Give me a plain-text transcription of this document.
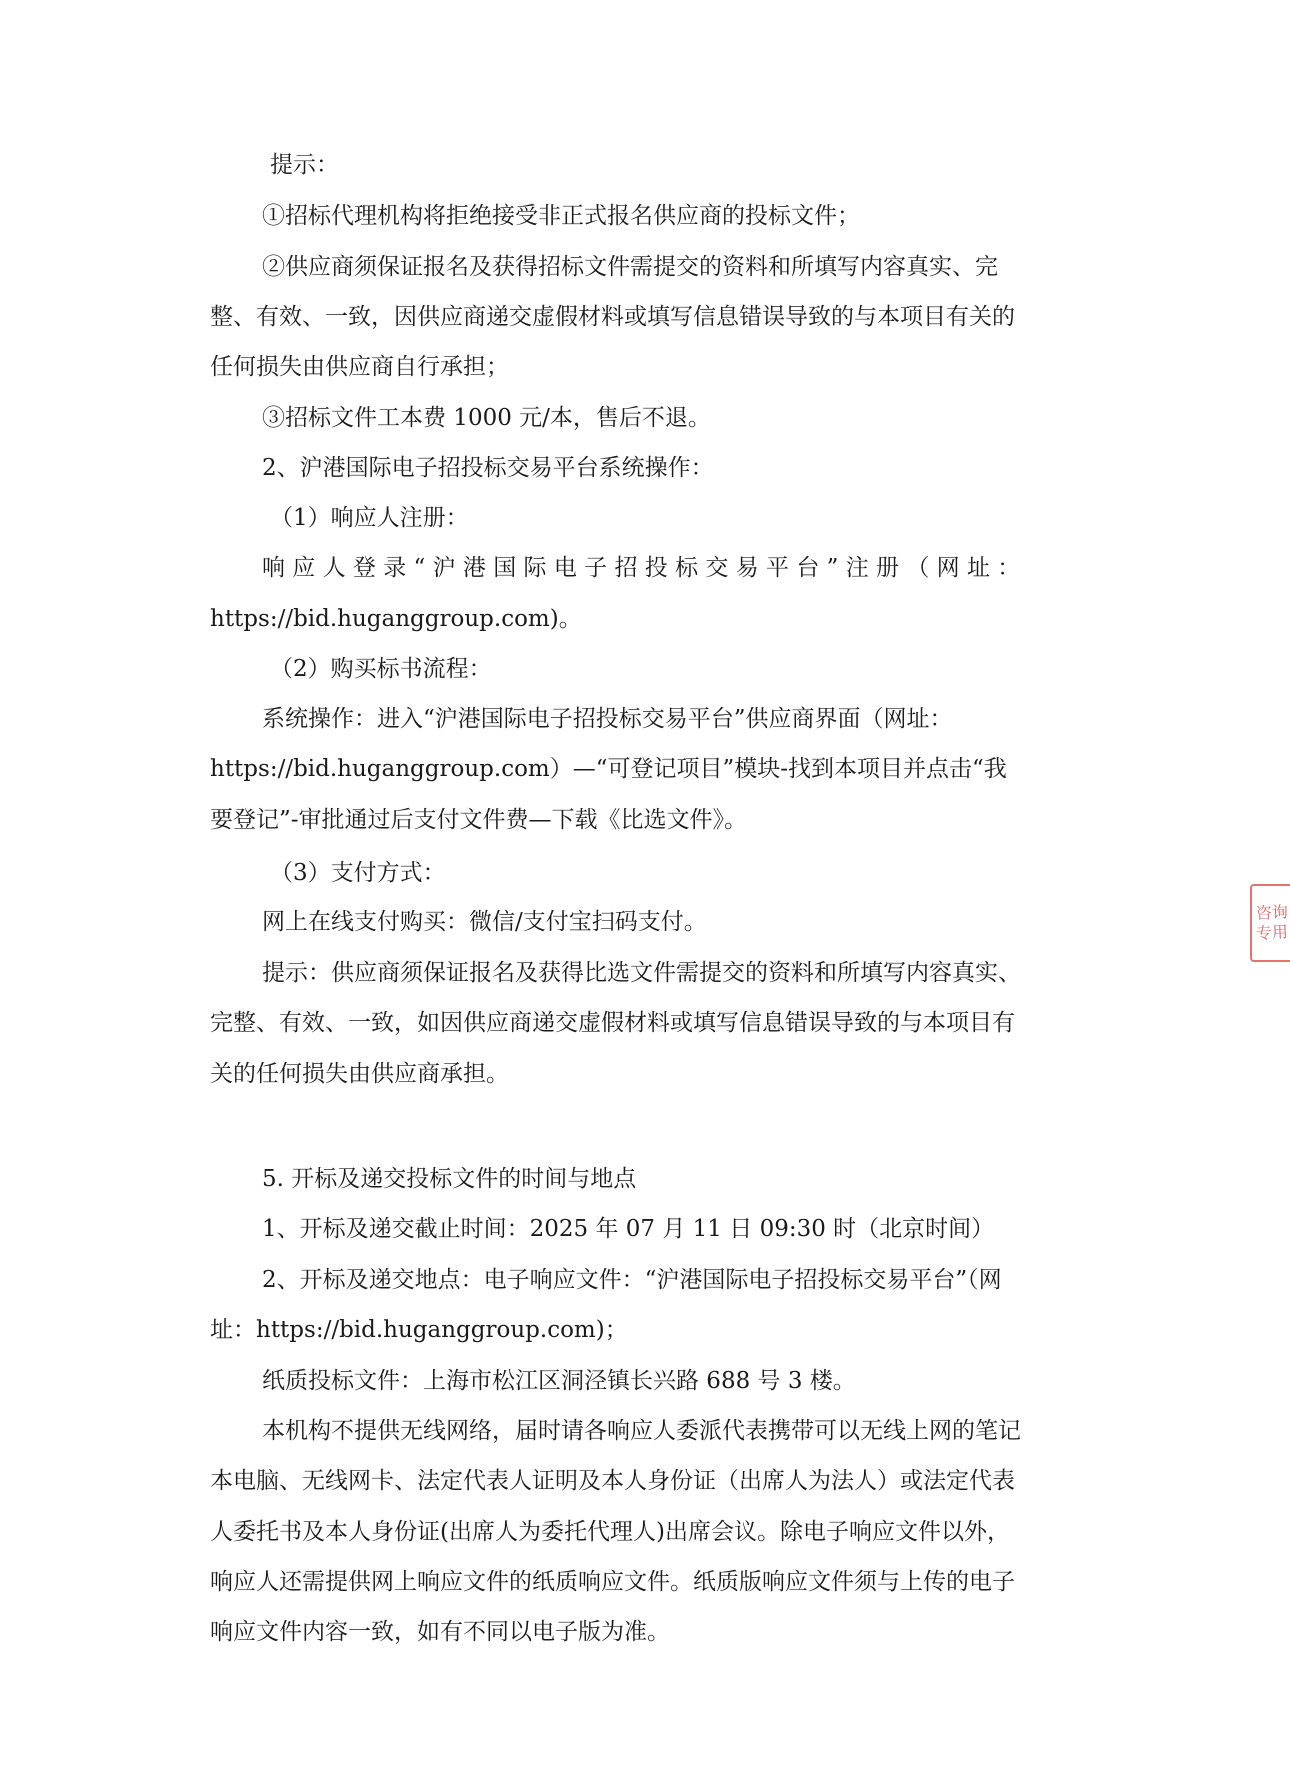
提示：
①招标代理机构将拒绝接受非正式报名供应商的投标文件；
②供应商须保证报名及获得招标文件需提交的资料和所填写内容真实、完
整、有效、一致，因供应商递交虚假材料或填写信息错误导致的与本项目有关的
任何损失由供应商自行承担；
③招标文件工本费 1000 元/本，售后不退。
2、沪港国际电子招投标交易平台系统操作：
（1）响应人注册：
响 应 人 登 录 “ 沪 港 国 际 电 子 招 投 标 交 易 平 台 ” 注 册 （ 网 址 ：
https://bid.huganggroup.com)。
（2）购买标书流程：
系统操作：进入“沪港国际电子招投标交易平台”供应商界面（网址：
https://bid.huganggroup.com）—“可登记项目”模块-找到本项目并点击“我
要登记”-审批通过后支付文件费—下载《比选文件》。
（3）支付方式：
网上在线支付购买：微信/支付宝扫码支付。
提示：供应商须保证报名及获得比选文件需提交的资料和所填写内容真实、
完整、有效、一致，如因供应商递交虚假材料或填写信息错误导致的与本项目有
关的任何损失由供应商承担。
5. 开标及递交投标文件的时间与地点
1、开标及递交截止时间：2025 年 07 月 11 日 09:30 时（北京时间）
2、开标及递交地点：电子响应文件：“沪港国际电子招投标交易平台”（网
址：https://bid.huganggroup.com)；
纸质投标文件：上海市松江区洞泾镇长兴路 688 号 3 楼。
本机构不提供无线网络，届时请各响应人委派代表携带可以无线上网的笔记
本电脑、无线网卡、法定代表人证明及本人身份证（出席人为法人）或法定代表
人委托书及本人身份证(出席人为委托代理人)出席会议。除电子响应文件以外，
响应人还需提供网上响应文件的纸质响应文件。纸质版响应文件须与上传的电子
响应文件内容一致，如有不同以电子版为准。
咨询
专用
